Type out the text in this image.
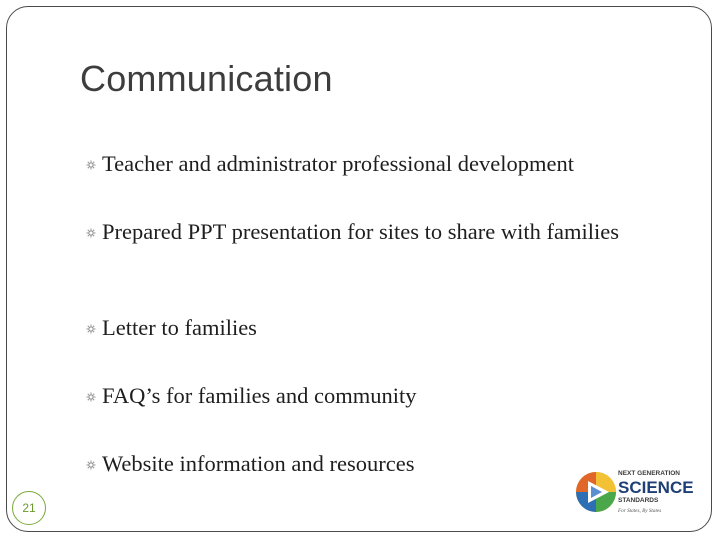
Communication
Teacher and administrator professional development
Prepared PPT presentation for sites to share with families
Letter to families
FAQ’s for families and community
Website information and resources
21
NEXT GENERATION
SCIENCE
STANDARDS
For States, By States
